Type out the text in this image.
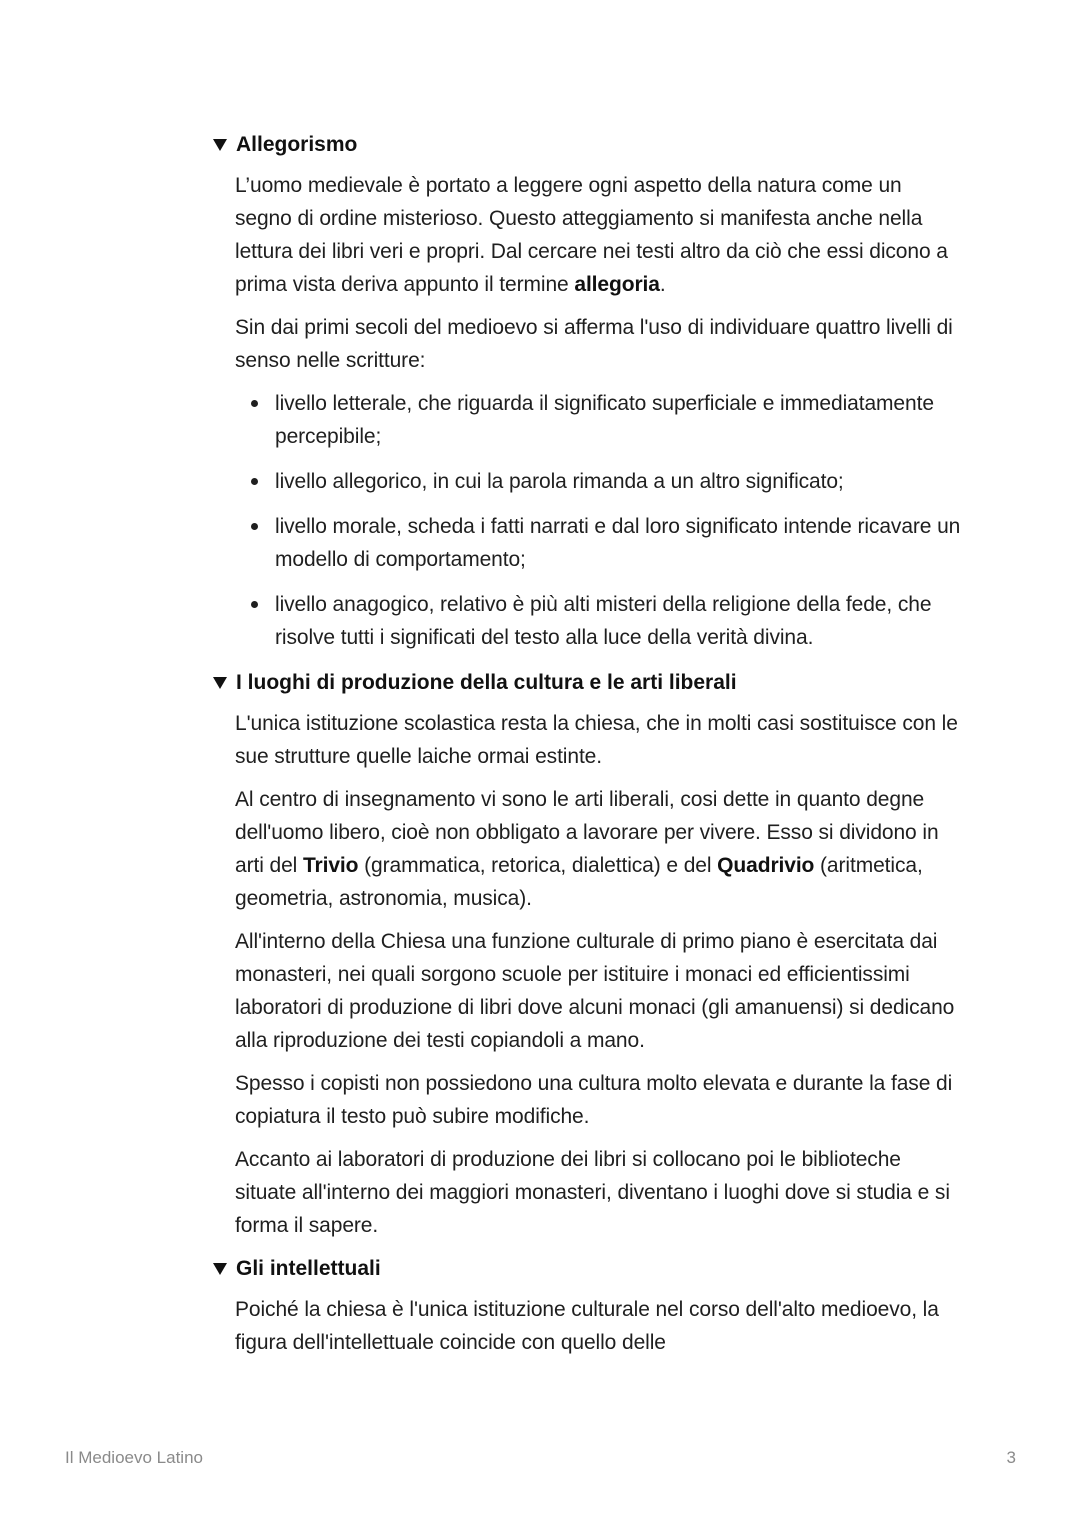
Allegorismo

L’uomo medievale è portato a leggere ogni aspetto della natura come un segno di ordine misterioso. Questo atteggiamento si manifesta anche nella lettura dei libri veri e propri. Dal cercare nei testi altro da ciò che essi dicono a prima vista deriva appunto il termine allegoria.

Sin dai primi secoli del medioevo si afferma l'uso di individuare quattro livelli di senso nelle scritture:

livello letterale, che riguarda il significato superficiale e immediatamente percepibile;
livello allegorico, in cui la parola rimanda a un altro significato;
livello morale, scheda i fatti narrati e dal loro significato intende ricavare un modello di comportamento;
livello anagogico, relativo è più alti misteri della religione della fede, che risolve tutti i significati del testo alla luce della verità divina.
I luoghi di produzione della cultura e le arti liberali

L'unica istituzione scolastica resta la chiesa, che in molti casi sostituisce con le sue strutture quelle laiche ormai estinte.

Al centro di insegnamento vi sono le arti liberali, cosi dette in quanto degne dell'uomo libero, cioè non obbligato a lavorare per vivere. Esso si dividono in arti del Trivio (grammatica, retorica, dialettica) e del Quadrivio (aritmetica, geometria, astronomia, musica).

All'interno della Chiesa una funzione culturale di primo piano è esercitata dai monasteri, nei quali sorgono scuole per istituire i monaci ed efficientissimi laboratori di produzione di libri dove alcuni monaci (gli amanuensi) si dedicano alla riproduzione dei testi copiandoli a mano.

Spesso i copisti non possiedono una cultura molto elevata e durante la fase di copiatura il testo può subire modifiche.

Accanto ai laboratori di produzione dei libri si collocano poi le biblioteche situate all'interno dei maggiori monasteri, diventano i luoghi dove si studia e si forma il sapere.

Gli intellettuali

Poiché la chiesa è l'unica istituzione culturale nel corso dell'alto medioevo, la figura dell'intellettuale coincide con quello delle

Il Medioevo Latino	3
